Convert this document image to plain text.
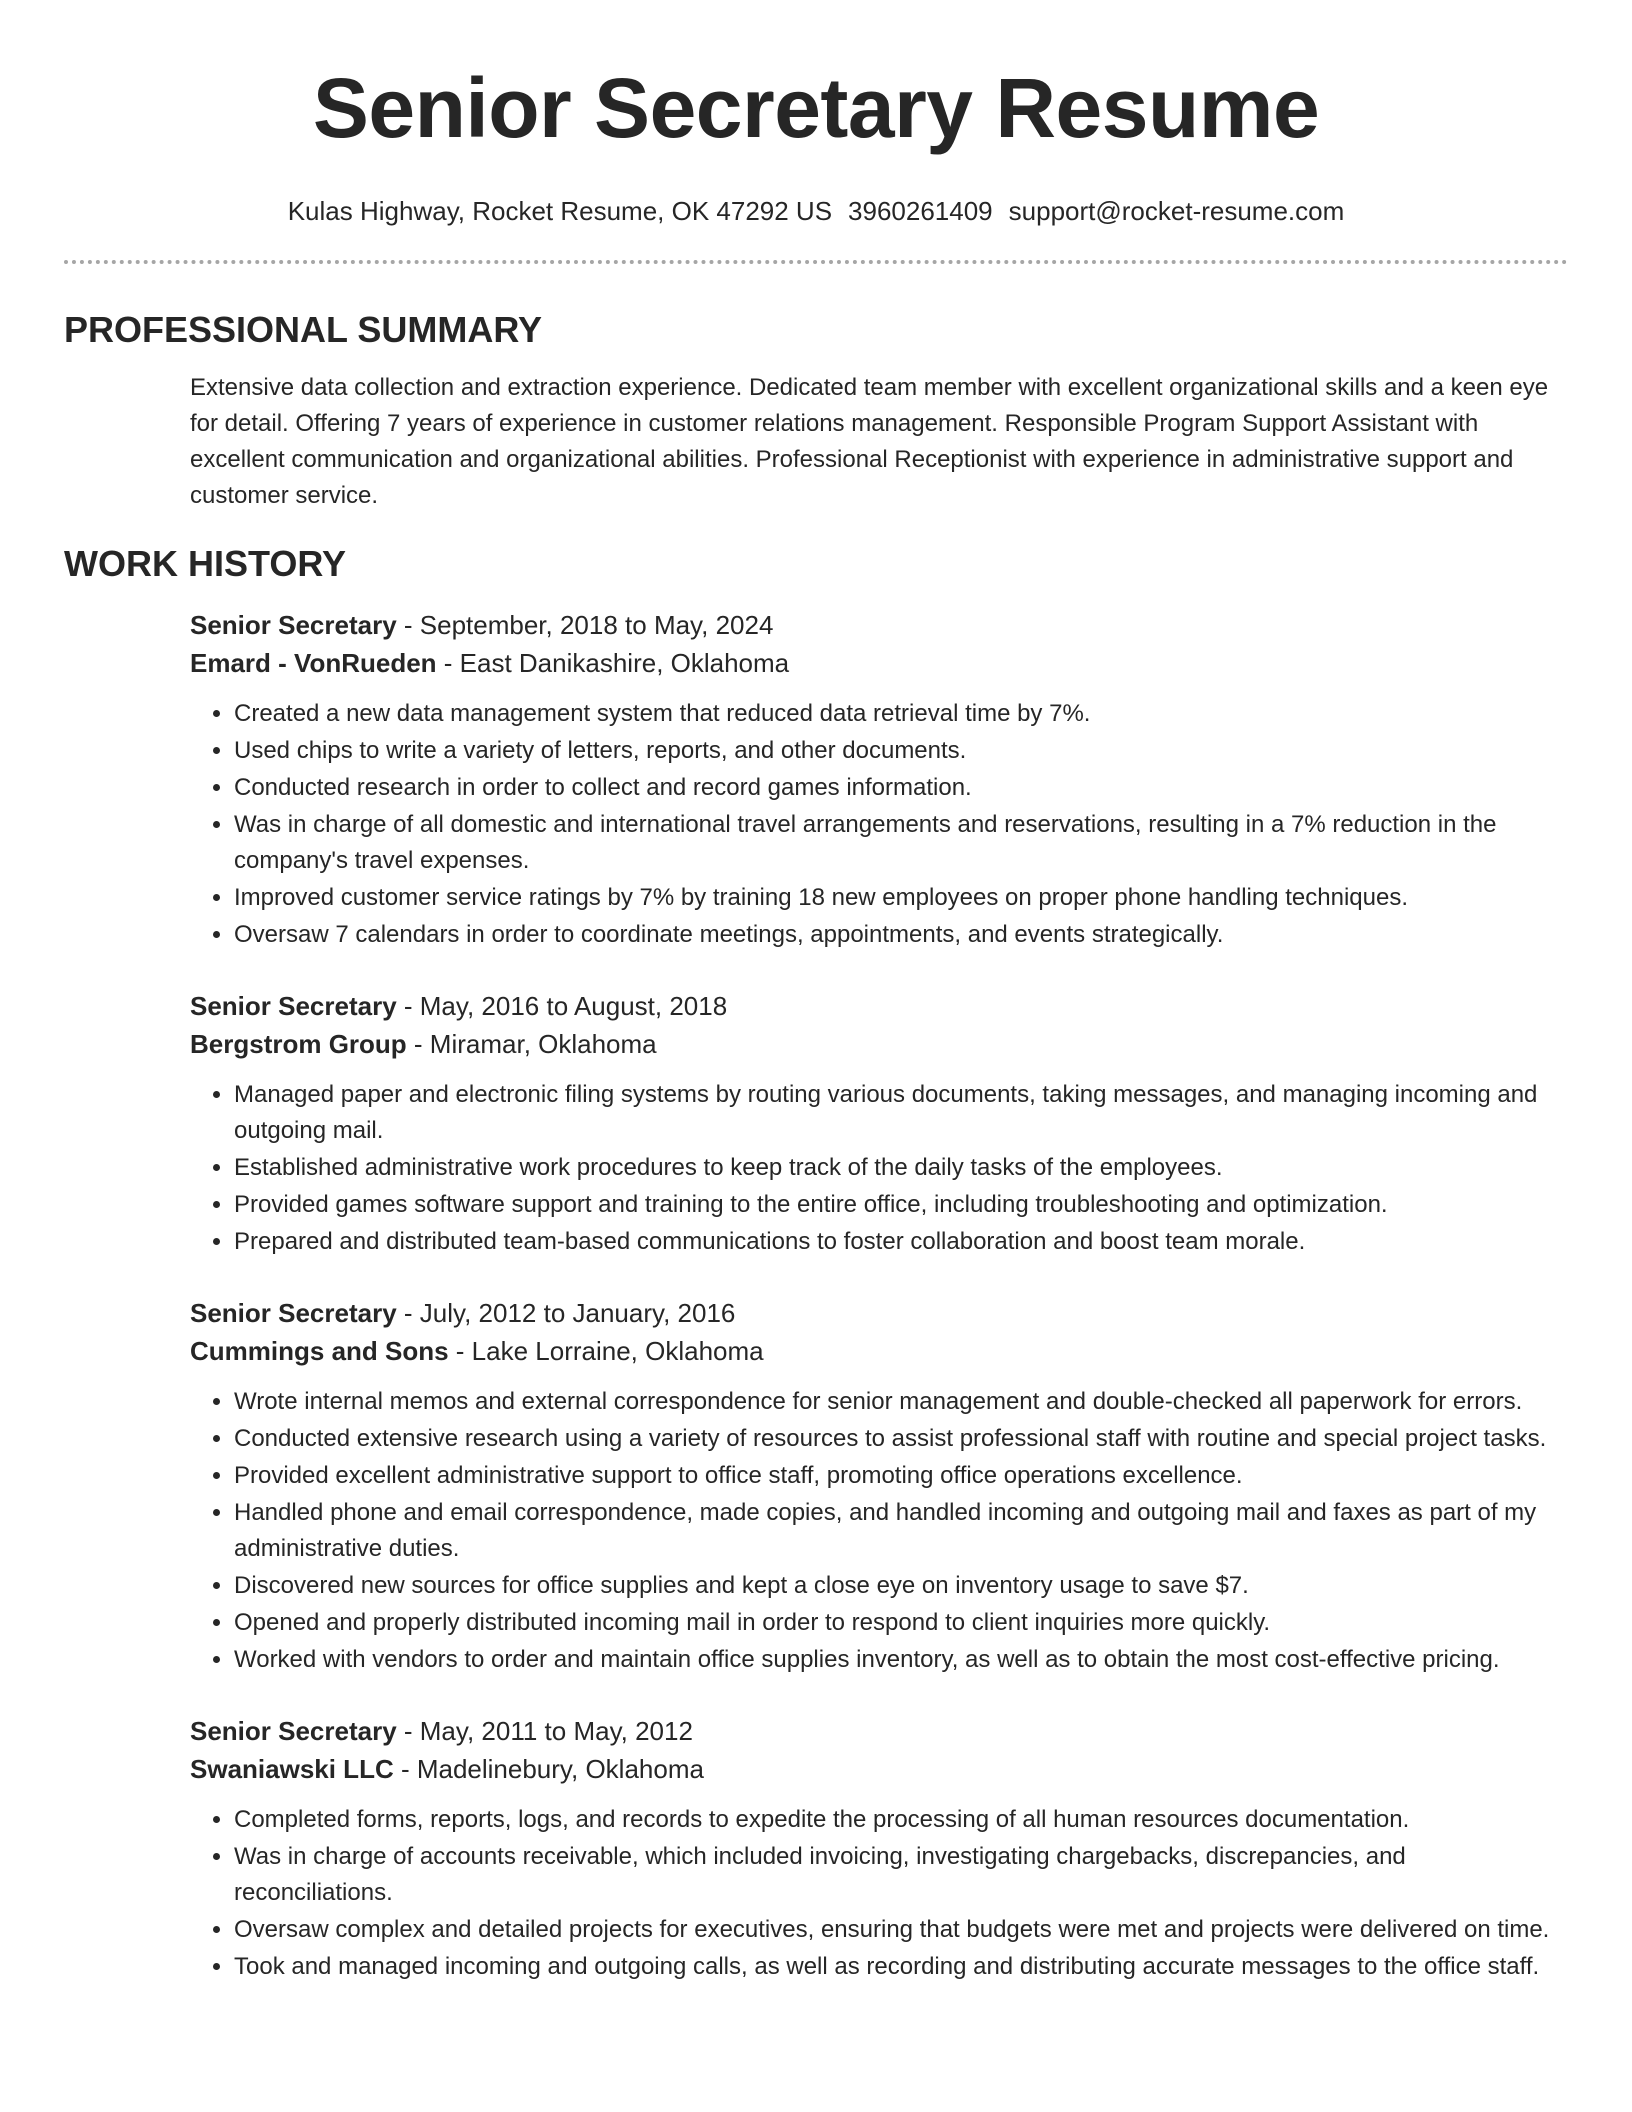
Senior Secretary Resume
Kulas Highway, Rocket Resume, OK 47292 US 3960261409 support@rocket-resume.com
PROFESSIONAL SUMMARY

Extensive data collection and extraction experience. Dedicated team member with excellent organizational skills and a keen eye for detail. Offering 7 years of experience in customer relations management. Responsible Program Support Assistant with excellent communication and organizational abilities. Professional Receptionist with experience in administrative support and customer service.

WORK HISTORY
Senior Secretary - September, 2018 to May, 2024
Emard - VonRueden - East Danikashire, Oklahoma
• Created a new data management system that reduced data retrieval time by 7%.
• Used chips to write a variety of letters, reports, and other documents.
• Conducted research in order to collect and record games information.
• Was in charge of all domestic and international travel arrangements and reservations, resulting in a 7% reduction in the company's travel expenses.
• Improved customer service ratings by 7% by training 18 new employees on proper phone handling techniques.
• Oversaw 7 calendars in order to coordinate meetings, appointments, and events strategically.
Senior Secretary - May, 2016 to August, 2018
Bergstrom Group - Miramar, Oklahoma
• Managed paper and electronic filing systems by routing various documents, taking messages, and managing incoming and outgoing mail.
• Established administrative work procedures to keep track of the daily tasks of the employees.
• Provided games software support and training to the entire office, including troubleshooting and optimization.
• Prepared and distributed team-based communications to foster collaboration and boost team morale.
Senior Secretary - July, 2012 to January, 2016
Cummings and Sons - Lake Lorraine, Oklahoma
• Wrote internal memos and external correspondence for senior management and double-checked all paperwork for errors.
• Conducted extensive research using a variety of resources to assist professional staff with routine and special project tasks.
• Provided excellent administrative support to office staff, promoting office operations excellence.
• Handled phone and email correspondence, made copies, and handled incoming and outgoing mail and faxes as part of my administrative duties.
• Discovered new sources for office supplies and kept a close eye on inventory usage to save $7.
• Opened and properly distributed incoming mail in order to respond to client inquiries more quickly.
• Worked with vendors to order and maintain office supplies inventory, as well as to obtain the most cost-effective pricing.
Senior Secretary - May, 2011 to May, 2012
Swaniawski LLC - Madelinebury, Oklahoma
• Completed forms, reports, logs, and records to expedite the processing of all human resources documentation.
• Was in charge of accounts receivable, which included invoicing, investigating chargebacks, discrepancies, and reconciliations.
• Oversaw complex and detailed projects for executives, ensuring that budgets were met and projects were delivered on time.
• Took and managed incoming and outgoing calls, as well as recording and distributing accurate messages to the office staff.
